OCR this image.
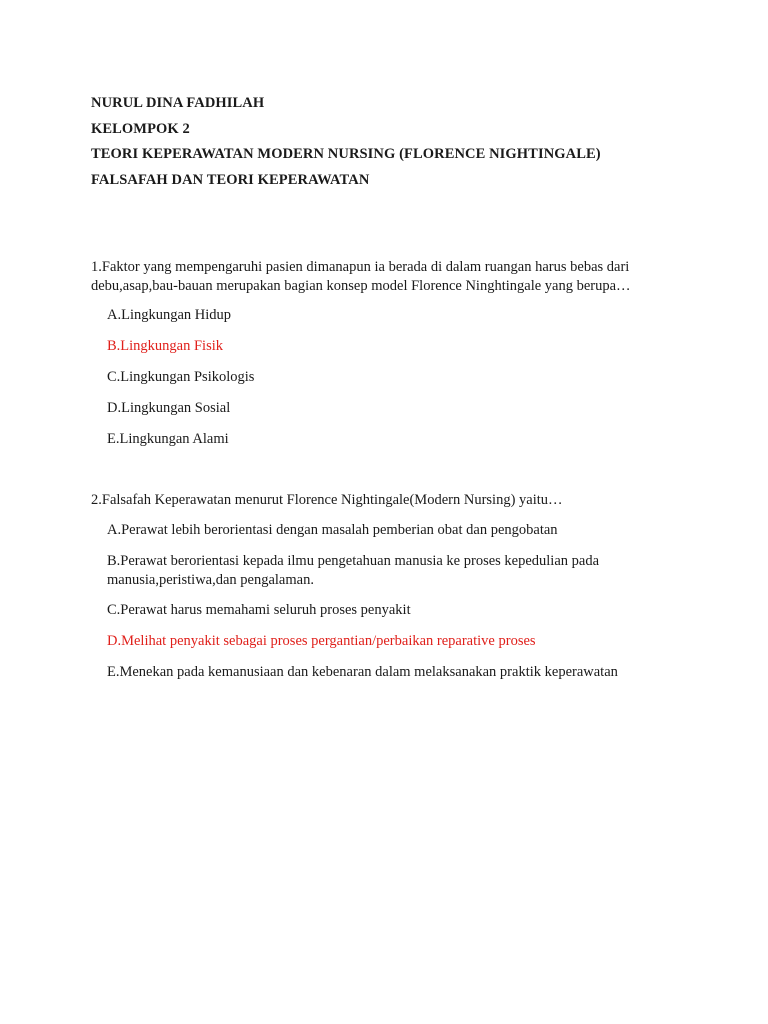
NURUL DINA FADHILAH
KELOMPOK 2
TEORI KEPERAWATAN MODERN NURSING (FLORENCE NIGHTINGALE)
FALSAFAH DAN TEORI KEPERAWATAN
1.Faktor yang mempengaruhi pasien dimanapun ia berada di dalam ruangan harus bebas dari debu,asap,bau-bauan merupakan bagian konsep model Florence Ninghtingale yang berupa…
A.Lingkungan Hidup
B.Lingkungan Fisik
C.Lingkungan Psikologis
D.Lingkungan Sosial
E.Lingkungan Alami
2.Falsafah Keperawatan menurut Florence Nightingale(Modern Nursing) yaitu…
A.Perawat lebih berorientasi dengan masalah pemberian obat dan pengobatan
B.Perawat berorientasi kepada ilmu pengetahuan manusia ke proses kepedulian pada manusia,peristiwa,dan pengalaman.
C.Perawat harus memahami seluruh proses penyakit
D.Melihat penyakit sebagai proses pergantian/perbaikan reparative proses
E.Menekan pada kemanusiaan dan kebenaran dalam melaksanakan praktik keperawatan
